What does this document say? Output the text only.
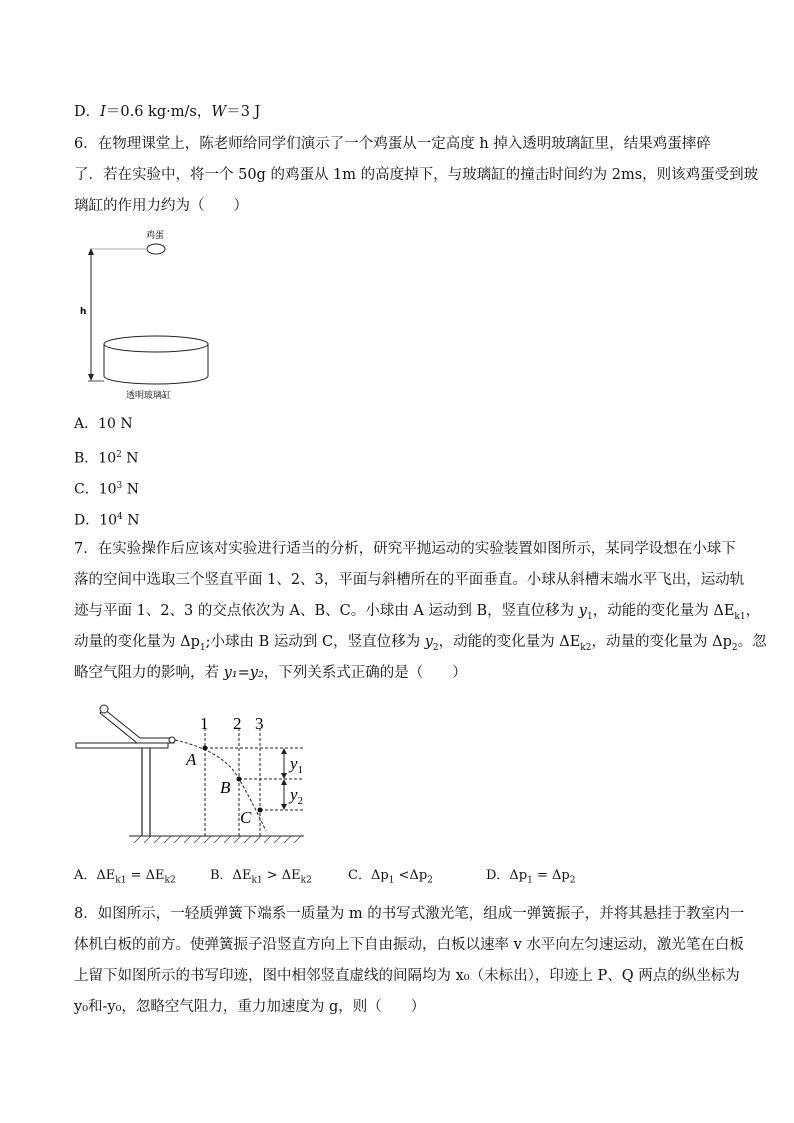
D．I＝0.6 kg·m/s，W＝3 J
6．在物理课堂上，陈老师给同学们演示了一个鸡蛋从一定高度 h 掉入透明玻璃缸里，结果鸡蛋摔碎
了．若在实验中，将一个 50g 的鸡蛋从 1m 的高度掉下，与玻璃缸的撞击时间约为 2ms，则该鸡蛋受到玻
璃缸的作用力约为（　　）
鸡蛋
h
透明玻璃缸
A．10 N
B．$10^2$ N
C．$10^3$ N
D．$10^4$ N
7．在实验操作后应该对实验进行适当的分析，研究平抛运动的实验装置如图所示，某同学设想在小球下
落的空间中选取三个竖直平面 1、2、3，平面与斜槽所在的平面垂直。小球从斜槽末端水平飞出，运动轨
迹与平面 1、2、3 的交点依次为 A、B、C。小球由 A 运动到 B，竖直位移为 $y_1$，动能的变化量为 $\Delta E_{k1}$，
动量的变化量为 $\Delta p_1$;小球由 B 运动到 C，竖直位移为 $y_2$，动能的变化量为 $\Delta E_{k2}$，动量的变化量为 $\Delta p_2$。忽
略空气阻力的影响，若 y₁=y₂，下列关系式正确的是（　　）
1 2 3
A
B
C
$y_1$
$y_2$
A．$\Delta E_{k1} = \Delta E_{k2}$	B．$\Delta E_{k1} > \Delta E_{k2}$	C．$\Delta p_1 <\Delta p_2$	D．$\Delta p_1 = \Delta p_2$
8．如图所示，一轻质弹簧下端系一质量为 m 的书写式激光笔，组成一弹簧振子，并将其悬挂于教室内一
体机白板的前方。使弹簧振子沿竖直方向上下自由振动，白板以速率 v 水平向左匀速运动，激光笔在白板
上留下如图所示的书写印迹，图中相邻竖直虚线的间隔均为 x₀（未标出），印迹上 P、Q 两点的纵坐标为
y₀和-y₀，忽略空气阻力，重力加速度为 g，则（　　）
